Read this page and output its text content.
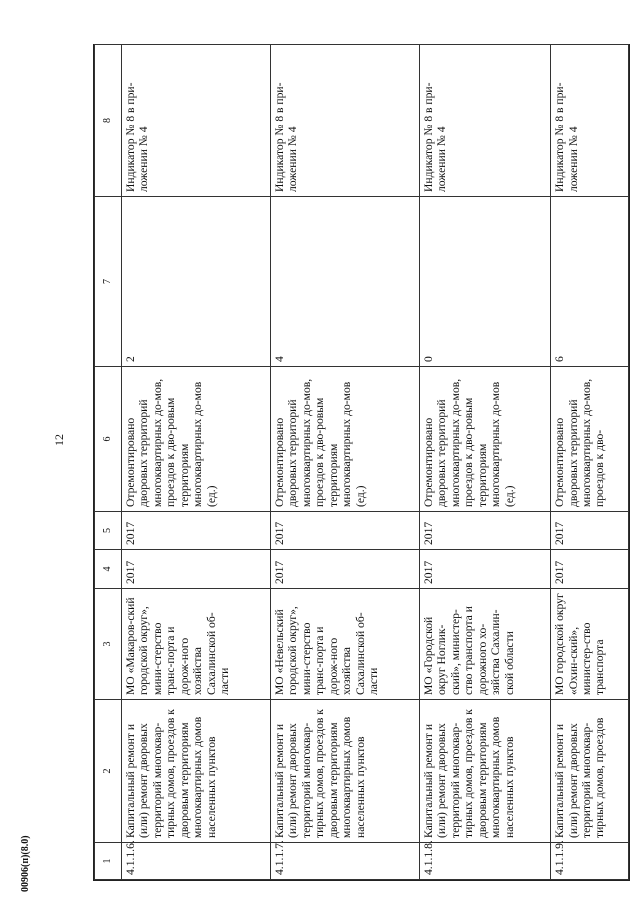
12
00906(п)(8.0)	1	2	3	4	5	6	7	8
4.1.1.6.	Капитальный ремонт и (или) ремонт дворовых территорий многоквар-тирных домов, проездов к дворовым территориям многоквартирных домов населенных пунктов	МО «Макаров-ский городской округ», мини-стерство транс-порта и дорож-ного хозяйства Сахалинской об-ласти	2017	2017	Отремонтировано дворовых территорий многоквартирных до-мов, проездов к дво-ровым территориям многоквартирных до-мов (ед.)	2	Индикатор № 8 в при-ложении № 4
4.1.1.7.	Капитальный ремонт и (или) ремонт дворовых территорий многоквар-тирных домов, проездов к дворовым территориям многоквартирных домов населенных пунктов	МО «Невельский городской округ», мини-стерство транс-порта и дорож-ного хозяйства Сахалинской об-ласти	2017	2017	Отремонтировано дворовых территорий многоквартирных до-мов, проездов к дво-ровым территориям многоквартирных до-мов (ед.)	4	Индикатор № 8 в при-ложении № 4
4.1.1.8.	Капитальный ремонт и (или) ремонт дворовых территорий многоквар-тирных домов, проездов к дворовым территориям многоквартирных домов населенных пунктов	МО «Городской округ Ноглик-ский», министер-ство транспорта и дорожного хо-зяйства Сахалин-ской области	2017	2017	Отремонтировано дворовых территорий многоквартирных до-мов, проездов к дво-ровым территориям многоквартирных до-мов (ед.)	0	Индикатор № 8 в при-ложении № 4
4.1.1.9.	Капитальный ремонт и (или) ремонт дворовых территорий многоквар-тирных домов, проездов	МО городской округ «Охин-ский», министер-ство транспорта	2017	2017	Отремонтировано дворовых территорий многоквартирных до-мов, проездов к дво-	6	Индикатор № 8 в при-ложении № 4
